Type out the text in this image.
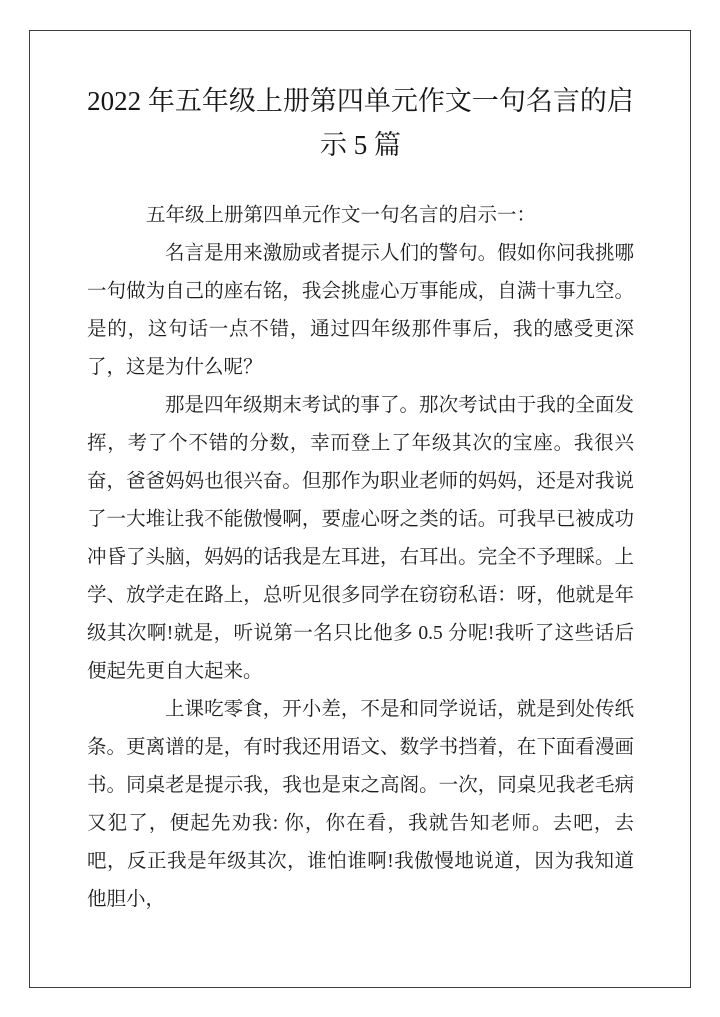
2022 年五年级上册第四单元作文一句名言的启示 5 篇

五年级上册第四单元作文一句名言的启示一：

名言是用来激励或者提示人们的警句。假如你问我挑哪一句做为自己的座右铭，我会挑虚心万事能成，自满十事九空。是的，这句话一点不错，通过四年级那件事后，我的感受更深了，这是为什么呢？

那是四年级期末考试的事了。那次考试由于我的全面发挥，考了个不错的分数，幸而登上了年级其次的宝座。我很兴奋，爸爸妈妈也很兴奋。但那作为职业老师的妈妈，还是对我说了一大堆让我不能傲慢啊，要虚心呀之类的话。可我早已被成功冲昏了头脑，妈妈的话我是左耳进，右耳出。完全不予理睬。上学、放学走在路上，总听见很多同学在窃窃私语：呀，他就是年级其次啊!就是，听说第一名只比他多 0.5 分呢!我听了这些话后便起先更自大起来。

上课吃零食，开小差，不是和同学说话，就是到处传纸条。更离谱的是，有时我还用语文、数学书挡着，在下面看漫画书。同桌老是提示我，我也是束之高阁。一次，同桌见我老毛病又犯了，便起先劝我: 你，你在看，我就告知老师。去吧，去吧，反正我是年级其次，谁怕谁啊!我傲慢地说道，因为我知道他胆小，
